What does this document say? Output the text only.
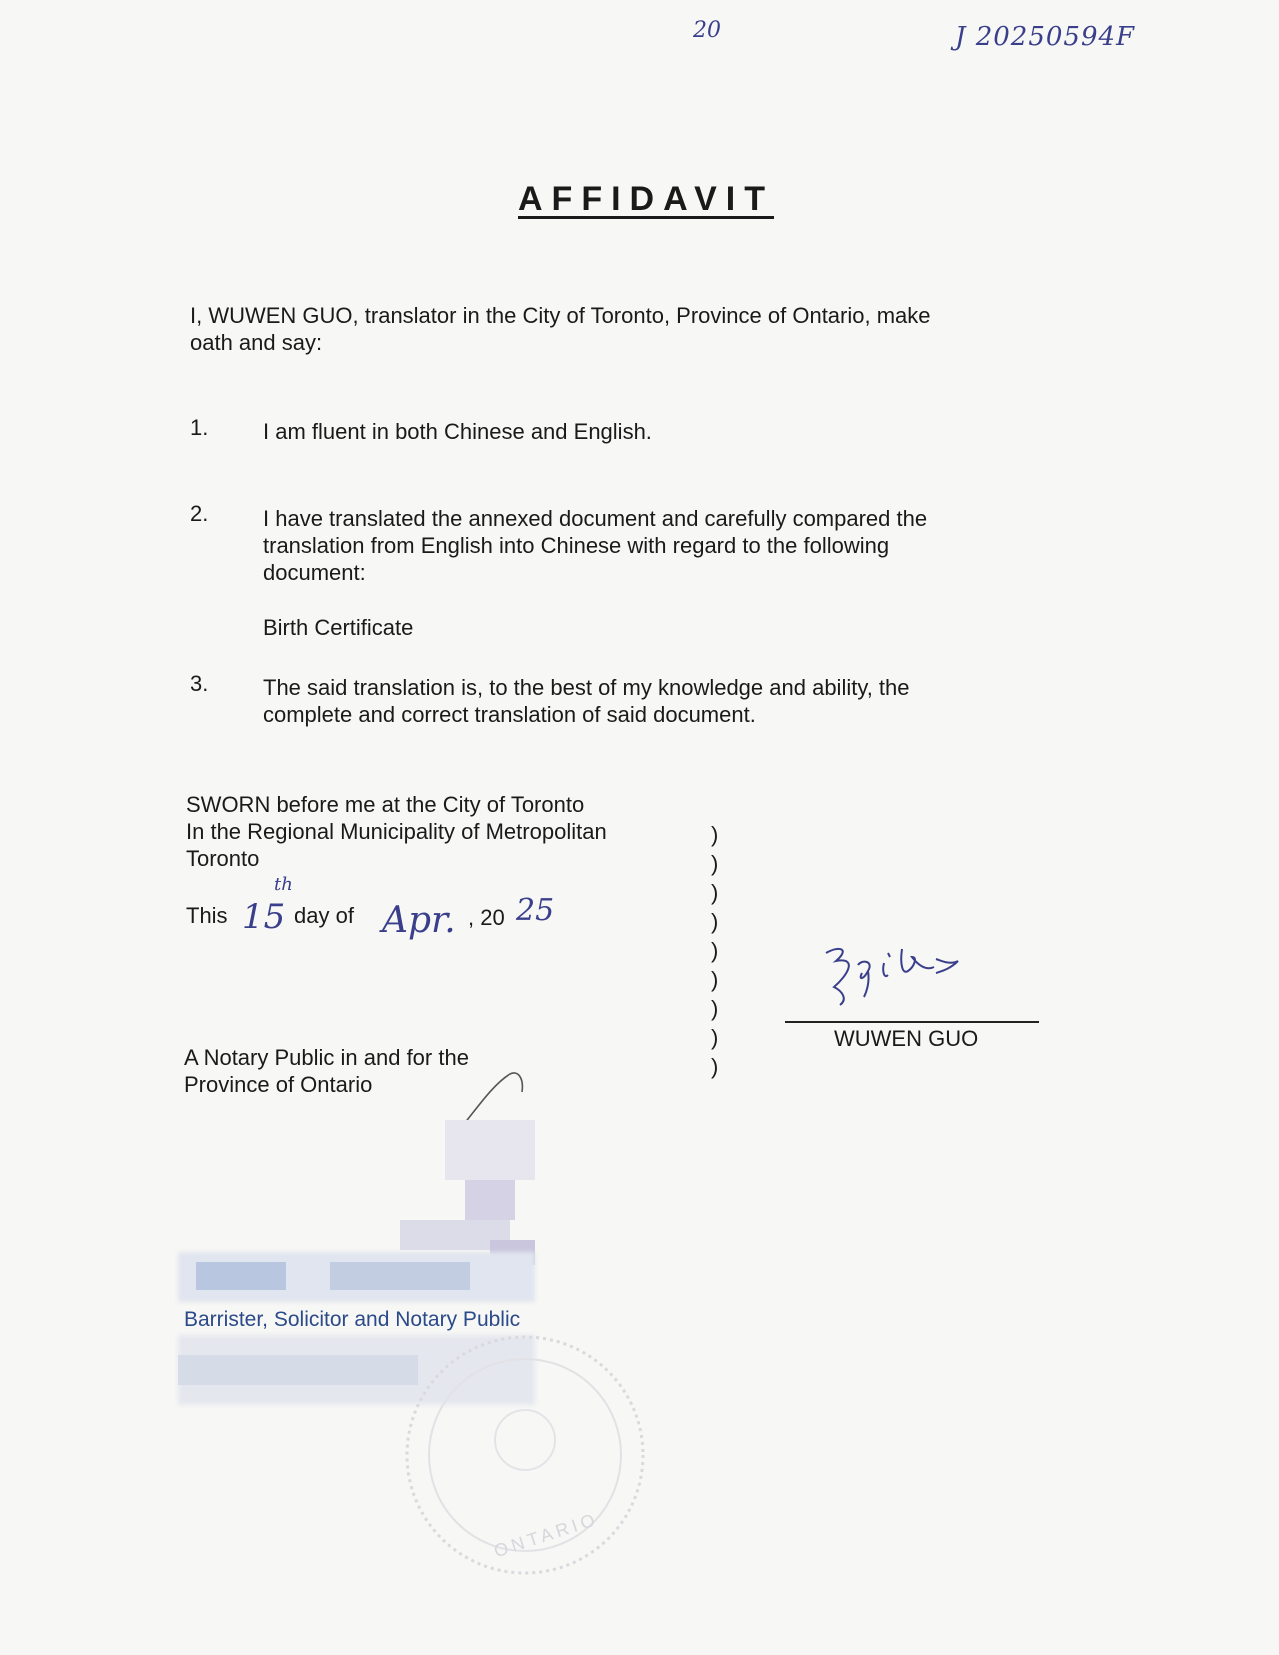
20	J 20250594F
AFFIDAVIT
I, WUWEN GUO, translator in the City of Toronto, Province of Ontario, make
oath and say:
1. I am fluent in both Chinese and English.
2. I have translated the annexed document and carefully compared the
translation from English into Chinese with regard to the following
document:
Birth Certificate
3. The said translation is, to the best of my knowledge and ability, the
complete and correct translation of said document.
SWORN before me at the City of Toronto
In the Regional Municipality of Metropolitan
Toronto
This 15
th
day of Apr. , 20 25
A Notary Public in and for the
Province of Ontario
)
)
)
)
)
)
)
)
)
WUWEN GUO
Barrister, Solicitor and Notary Public
ONTARIO
